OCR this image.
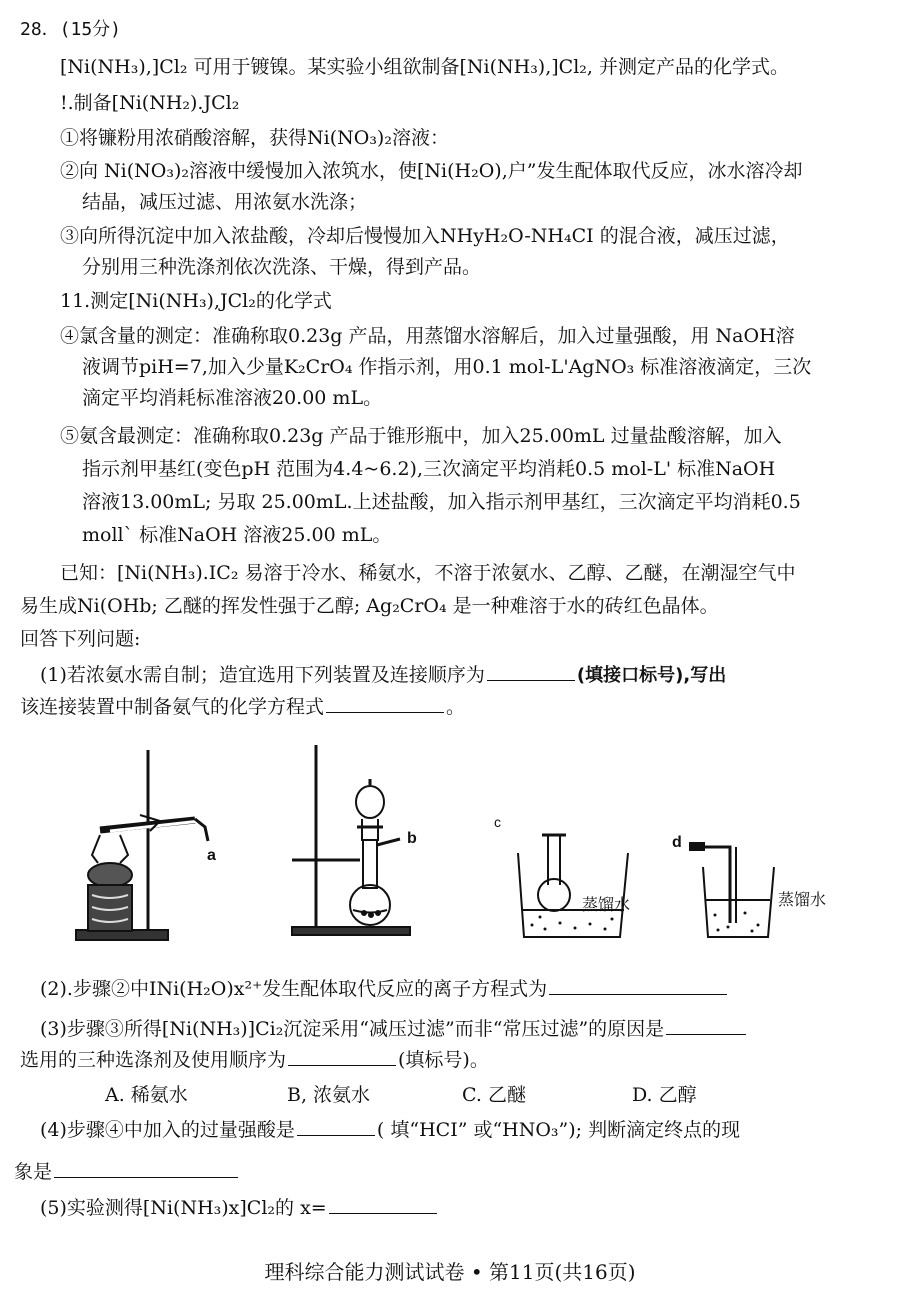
28．(15分)
[Ni(NH₃),]Cl₂ 可用于镀镍。某实验小组欲制备[Ni(NH₃),]Cl₂, 并测定产品的化学式。
!.制备[Ni(NH₂).JCl₂
①将镰粉用浓硝酸溶解，获得Ni(NO₃)₂溶液：
②向 Ni(NO₃)₂溶液中缓慢加入浓筑水，使[Ni(H₂O),户”发生配体取代反应，冰水溶冷却
结晶，减压过滤、用浓氨水洗涤；
③向所得沉淀中加入浓盐酸，冷却后慢慢加入NHyH₂O-NH₄CI 的混合液，减压过滤，
分别用三种洗涤剂依次洗涤、干燥，得到产品。
11.测定[Ni(NH₃),JCl₂的化学式
④氯含量的测定：准确称取0.23g 产品，用蒸馏水溶解后，加入过量强酸，用 NaOH溶
液调节piH=7,加入少量K₂CrO₄ 作指示剂，用0.1 mol-L'AgNO₃ 标准溶液滴定，三次
滴定平均消耗标准溶液20.00 mL。
⑤氨含最测定：准确称取0.23g 产品于锥形瓶中，加入25.00mL 过量盐酸溶解，加入
指示剂甲基红(变色pH 范围为4.4~6.2),三次滴定平均消耗0.5 mol-L' 标准NaOH
溶液13.00mL; 另取 25.00mL.上述盐酸，加入指示剂甲基红，三次滴定平均消耗0.5
moll` 标准NaOH 溶液25.00 mL。
已知：[Ni(NH₃).IC₂ 易溶于冷水、稀氨水，不溶于浓氨水、乙醇、乙醚，在潮湿空气中
易生成Ni(OHb; 乙醚的挥发性强于乙醇; Ag₂CrO₄ 是一种难溶于水的砖红色晶体。
回答下列问题:
(1)若浓氨水需自制；造宜选用下列装置及连接顺序为	(填接口标号),写出
该连接装置中制备氨气的化学方程式	。
a
b
c
蒸馏水
d
蒸馏水
(2).步骤②中INi(H₂O)x²⁺发生配体取代反应的离子方程式为
(3)步骤③所得[Ni(NH₃)]Ci₂沉淀采用“减压过滤”而非“常压过滤”的原因是
选用的三种选涤剂及使用顺序为	(填标号)。
A. 稀氨水	B, 浓氨水	C. 乙醚	D. 乙醇
(4)步骤④中加入的过量强酸是	( 填“HCI” 或“HNO₃”); 判断滴定终点的现
象是
(5)实验测得[Ni(NH₃)x]Cl₂的 x=
理科综合能力测试试卷 • 第11页(共16页)
